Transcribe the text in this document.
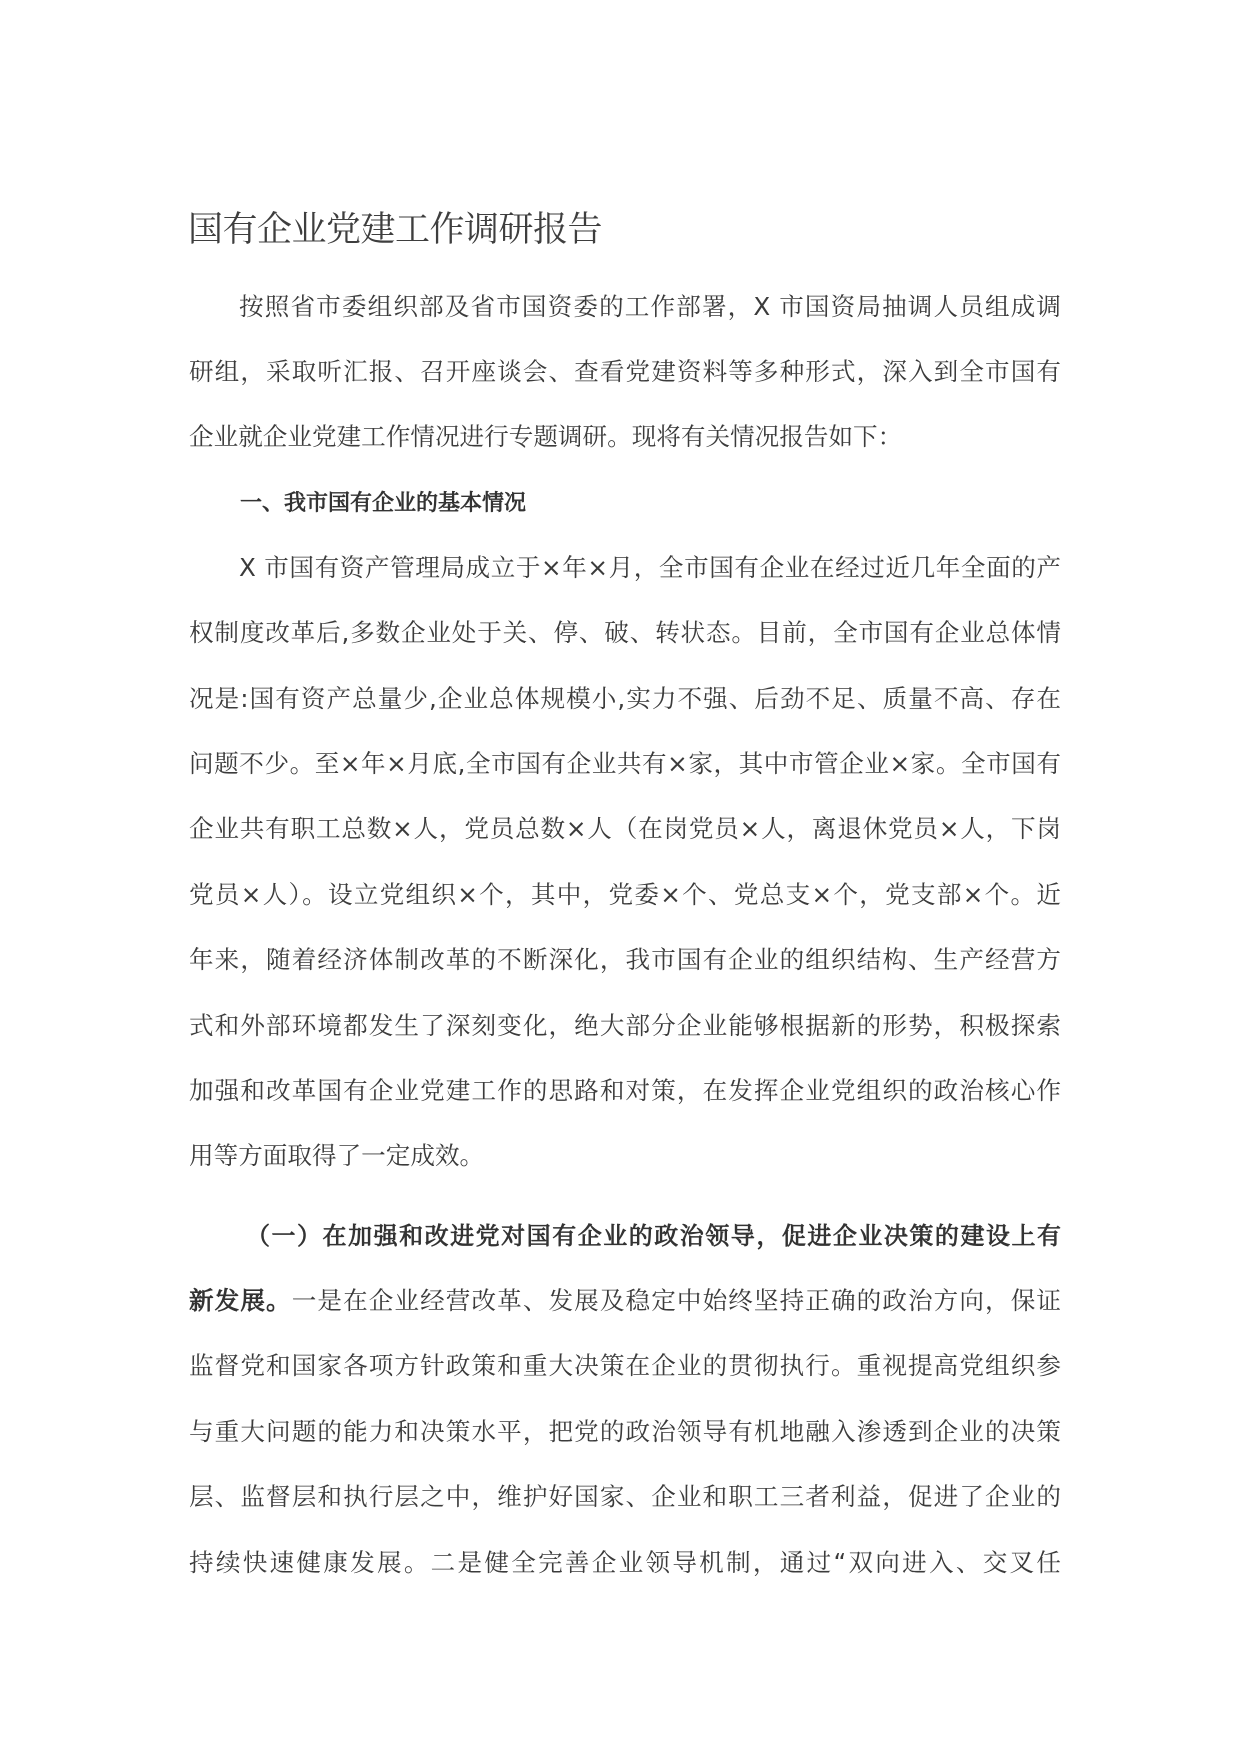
国有企业党建工作调研报告
按照省市委组织部及省市国资委的工作部署，X 市国资局抽调人员组成调
研组，采取听汇报、召开座谈会、查看党建资料等多种形式，深入到全市国有
企业就企业党建工作情况进行专题调研。现将有关情况报告如下：
一、我市国有企业的基本情况
X 市国有资产管理局成立于×年×月，全市国有企业在经过近几年全面的产
权制度改革后,多数企业处于关、停、破、转状态。目前，全市国有企业总体情
况是:国有资产总量少,企业总体规模小,实力不强、后劲不足、质量不高、存在
问题不少。至×年×月底,全市国有企业共有×家，其中市管企业×家。全市国有
企业共有职工总数×人，党员总数×人（在岗党员×人，离退休党员×人，下岗
党员×人）。设立党组织×个，其中，党委×个、党总支×个，党支部×个。近
年来，随着经济体制改革的不断深化，我市国有企业的组织结构、生产经营方
式和外部环境都发生了深刻变化，绝大部分企业能够根据新的形势，积极探索
加强和改革国有企业党建工作的思路和对策，在发挥企业党组织的政治核心作
用等方面取得了一定成效。
（一）在加强和改进党对国有企业的政治领导，促进企业决策的建设上有
新发展。一是在企业经营改革、发展及稳定中始终坚持正确的政治方向，保证
监督党和国家各项方针政策和重大决策在企业的贯彻执行。重视提高党组织参
与重大问题的能力和决策水平，把党的政治领导有机地融入渗透到企业的决策
层、监督层和执行层之中，维护好国家、企业和职工三者利益，促进了企业的
持续快速健康发展。二是健全完善企业领导机制，通过“双向进入、交叉任
